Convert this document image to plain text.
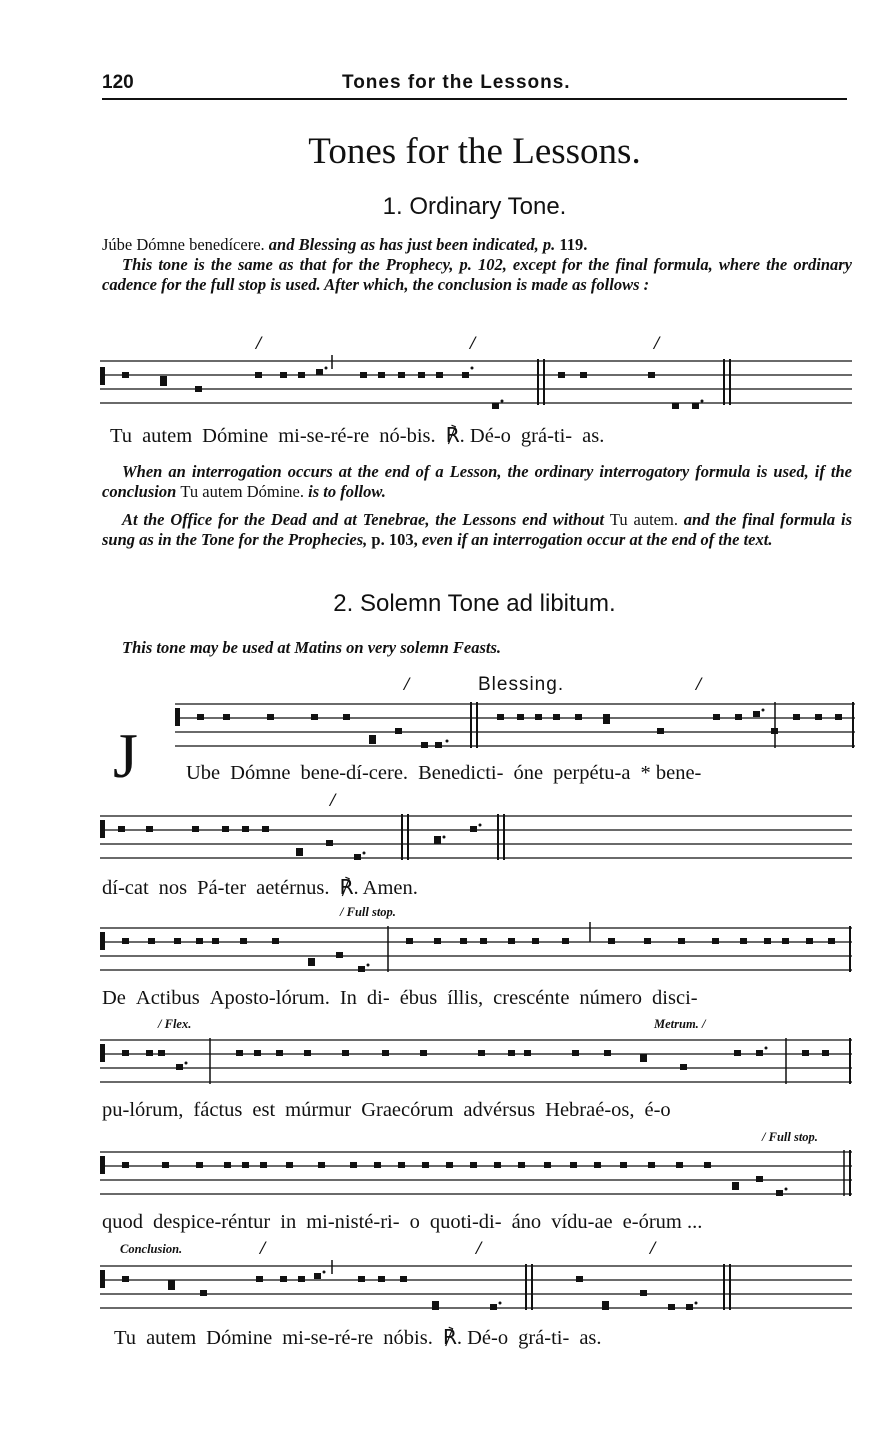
120	Tones for the Lessons.
Tones for the Lessons.
1. Ordinary Tone.
Júbe Dómne benedícere. and Blessing as has just been indicated, p. 119.
This tone is the same as that for the Prophecy, p. 102, except for the final formula, where the ordinary cadence for the full stop is used. After which, the conclusion is made as follows :
/	/	/
Tu autem Dómine mi-se-ré-re nó-bis. ℟. Dé-o grá-ti- as.
When an interrogation occurs at the end of a Lesson, the ordinary interrogatory formula is used, if the conclusion Tu autem Dómine. is to follow.
At the Office for the Dead and at Tenebrae, the Lessons end without Tu autem. and the final formula is sung as in the Tone for the Prophecies, p. 103, even if an interrogation occur at the end of the text.
2. Solemn Tone ad libitum.
This tone may be used at Matins on very solemn Feasts.
Blessing.
/	/
J Ube Dómne bene-dí-cere. Benedicti- óne perpétu-a * bene-
/
dí-cat nos Pá-ter aetérnus. ℟. Amen.
/ Full stop.
De Actibus Aposto-lórum. In di- ébus íllis, crescénte número disci-
/ Flex.	Metrum. /
pu-lórum, fáctus est múrmur Graecórum advérsus Hebraé-os, é-o
/ Full stop.
quod despice-réntur in mi-nisté-ri- o quoti-di- áno vídu-ae e-órum ...
Conclusion.	/	/	/
Tu autem Dómine mi-se-ré-re nóbis. ℟. Dé-o grá-ti- as.
